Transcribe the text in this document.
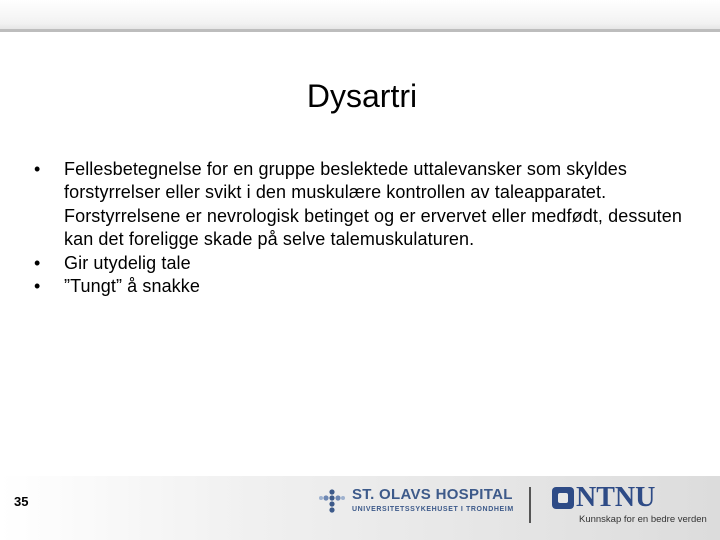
Dysartri
• Fellesbetegnelse for en gruppe beslektede uttalevansker som skyldes forstyrrelser eller svikt i den muskulære kontrollen av taleapparatet. Forstyrrelsene er nevrologisk betinget og er ervervet eller medfødt, dessuten kan det foreligge skade på selve talemuskulaturen.
• Gir utydelig tale
• ”Tungt” å snakke
35	ST. OLAVS HOSPITAL
UNIVERSITETSSYKEHUSET I TRONDHEIM NTNU
Kunnskap for en bedre verden
